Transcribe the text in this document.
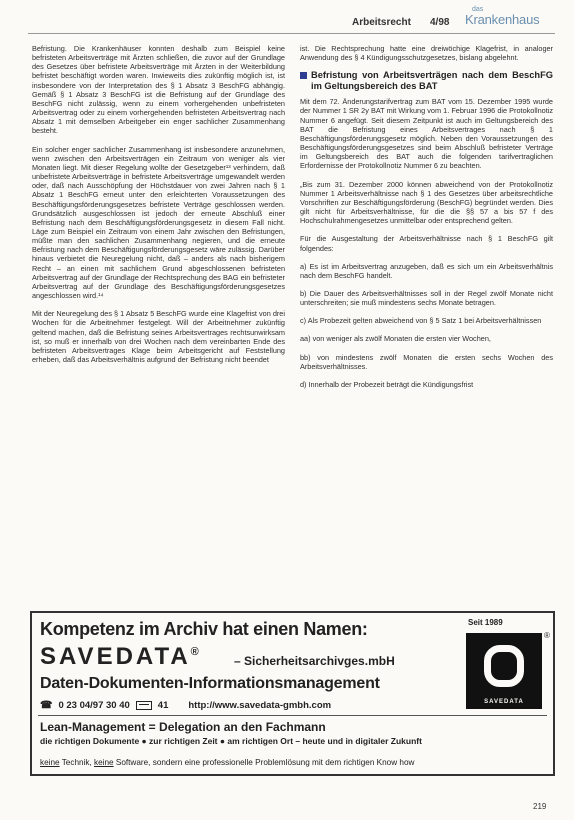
Arbeitsrecht 4/98
das
Krankenhaus

Befristung. Die Krankenhäuser konnten deshalb zum Beispiel keine befristeten Arbeitsverträge mit Ärzten schließen, die zuvor auf der Grundlage des Gesetzes über befristete Arbeitsverträge mit Ärzten in der Weiterbildung befristet beschäftigt worden waren. Inwieweits dies zukünftig möglich ist, ist insbesondere von der Interpretation des § 1 Absatz 3 BeschFG abhängig. Gemäß § 1 Absatz 3 BeschFG ist die Befristung auf der Grundlage des BeschFG nicht zulässig, wenn zu einem vorhergehenden unbefristeten Arbeitsvertrag oder zu einem vorhergehenden befristeten Arbeitsvertrag nach Absatz 1 mit demselben Arbeitgeber ein enger sachlicher Zusammenhang besteht.

Ein solcher enger sachlicher Zusammenhang ist insbesondere anzunehmen, wenn zwischen den Arbeitsverträgen ein Zeitraum von weniger als vier Monaten liegt. Mit dieser Regelung wollte der Gesetzgeber¹³ verhindern, daß unbefristete Arbeitsverträge in befristete Arbeitsverträge umgewandelt werden oder, daß nach Ausschöpfung der Höchstdauer von zwei Jahren nach § 1 Absatz 1 BeschFG erneut unter den erleichterten Voraussetzungen des Beschäftigungsförderungsgesetzes befristete Verträge geschlossen werden. Grundsätzlich ausgeschlossen ist jedoch der erneute Abschluß einer Befristung nach dem Beschäftigungsförderungsgesetz in diesem Fall nicht. Läge zum Beispiel ein Zeitraum von einem Jahr zwischen den Befristungen, müßte man den sachlichen Zusammenhang negieren, und die erneute Befristung nach dem Beschäftigungsförderungsgesetz wäre zulässig. Darüber hinaus verbietet die Neuregelung nicht, daß – anders als nach bisherigem Recht – an einen mit sachlichem Grund abgeschlossenen befristeten Arbeitsvertrag auf der Grundlage der Rechtsprechung des BAG ein befristeter Arbeitsvertrag auf der Grundlage des Beschäftigungsförderungsgesetzes angeschlossen wird.¹⁴

Mit der Neuregelung des § 1 Absatz 5 BeschFG wurde eine Klagefrist von drei Wochen für die Arbeitnehmer festgelegt. Will der Arbeitnehmer zukünftig geltend machen, daß die Befristung seines Arbeitsvertrages rechtsunwirksam ist, so muß er innerhalb von drei Wochen nach dem vereinbarten Ende des befristeten Arbeitsvertrages Klage beim Arbeitsgericht auf Feststellung erheben, daß das Arbeitsverhältnis aufgrund der Befristung nicht beendet

ist. Die Rechtsprechung hatte eine dreiwöchige Klagefrist, in analoger Anwendung des § 4 Kündigungsschutzgesetzes, bislang abgelehnt.

Befristung von Arbeitsverträgen nach dem BeschFG im Geltungsbereich des BAT

Mit dem 72. Änderungstarifvertrag zum BAT vom 15. Dezember 1995 wurde der Nummer 1 SR 2y BAT mit Wirkung vom 1. Februar 1996 die Protokollnotiz Nummer 6 angefügt. Seit diesem Zeitpunkt ist auch im Geltungsbereich des BAT die Befristung eines Arbeitsvertrages nach § 1 Beschäftigungsförderungsgesetz möglich. Neben den Voraussetzungen des Beschäftigungsförderungsgesetzes sind beim Abschluß befristeter Verträge im Geltungsbereich des BAT auch die folgenden tarifvertraglichen Erfordernisse der Protokollnotiz Nummer 6 zu beachten.

„Bis zum 31. Dezember 2000 können abweichend von der Protokollnotiz Nummer 1 Arbeitsverhältnisse nach § 1 des Gesetzes über arbeitsrechtliche Vorschriften zur Beschäftigungsförderung (BeschFG) begründet werden. Dies gilt nicht für Arbeitsverhältnisse, für die die §§ 57 a bis 57 f des Hochschulrahmengesetzes unmittelbar oder entsprechend gelten.

Für die Ausgestaltung der Arbeitsverhältnisse nach § 1 BeschFG gilt folgendes:

a) Es ist im Arbeitsvertrag anzugeben, daß es sich um ein Arbeitsverhältnis nach dem BeschFG handelt.

b) Die Dauer des Arbeitsverhältnisses soll in der Regel zwölf Monate nicht unterschreiten; sie muß mindestens sechs Monate betragen.

c) Als Probezeit gelten abweichend von § 5 Satz 1 bei Arbeitsverhältnissen

aa) von weniger als zwölf Monaten die ersten vier Wochen,

bb) von mindestens zwölf Monaten die ersten sechs Wochen des Arbeitsverhältnisses.

d) Innerhalb der Probezeit beträgt die Kündigungsfrist

Kompetenz im Archiv hat einen Namen:
SAVEDATA®
– Sicherheitsarchivges.mbH
Daten-Dokumenten-Informationsmanagement
☎ 0 23 04/97 30 40	41 http://www.savedata-gmbh.com
Lean-Management = Delegation an den Fachmann
die richtigen Dokumente ● zur richtigen Zeit ● am richtigen Ort – heute und in digitaler Zukunft
keine Technik, keine Software, sondern eine professionelle Problemlösung mit dem richtigen Know how
Seit 1989
SAVEDATA
®
219
